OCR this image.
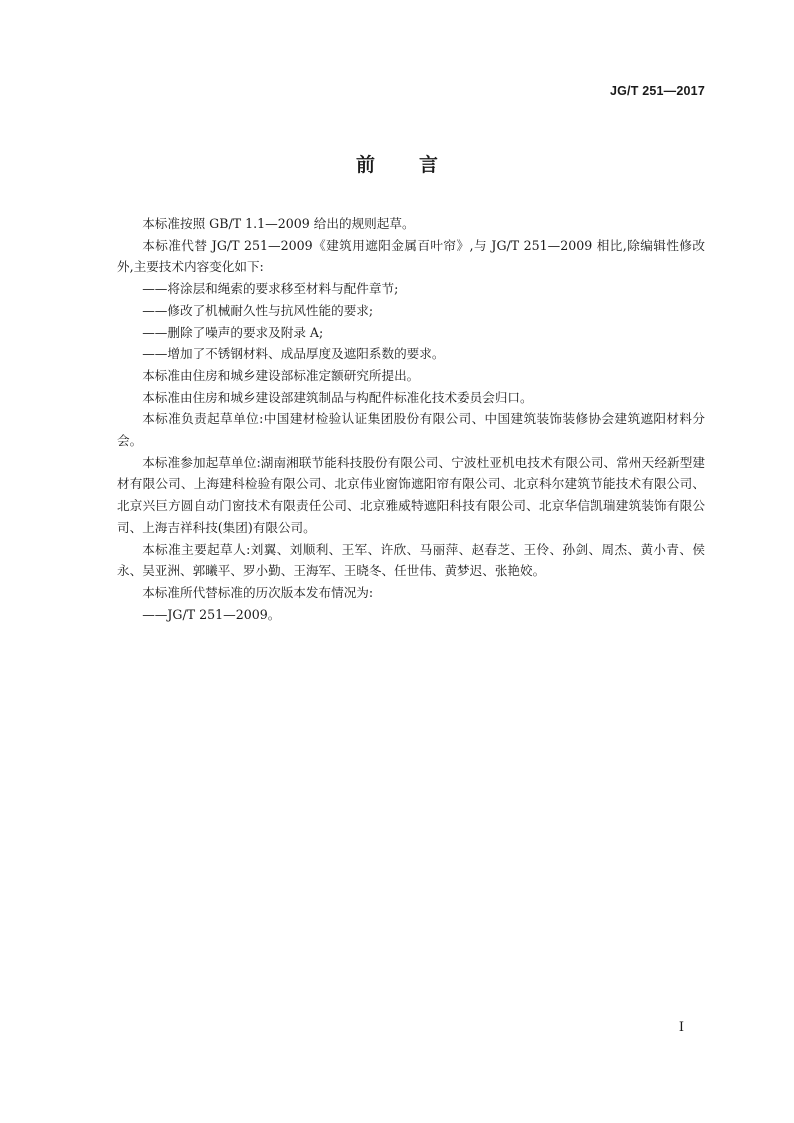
JG/T 251—2017
前言

本标准按照 GB/T 1.1—2009 给出的规则起草。

本标准代替 JG/T 251—2009《建筑用遮阳金属百叶帘》,与 JG/T 251—2009 相比,除编辑性修改外,主要技术内容变化如下:

——将涂层和绳索的要求移至材料与配件章节;

——修改了机械耐久性与抗风性能的要求;

——删除了噪声的要求及附录 A;

——增加了不锈钢材料、成品厚度及遮阳系数的要求。

本标准由住房和城乡建设部标准定额研究所提出。

本标准由住房和城乡建设部建筑制品与构配件标准化技术委员会归口。

本标准负责起草单位:中国建材检验认证集团股份有限公司、中国建筑装饰装修协会建筑遮阳材料分会。

本标准参加起草单位:湖南湘联节能科技股份有限公司、宁波杜亚机电技术有限公司、常州天经新型建材有限公司、上海建科检验有限公司、北京伟业窗饰遮阳帘有限公司、北京科尔建筑节能技术有限公司、北京兴巨方圆自动门窗技术有限责任公司、北京雅威特遮阳科技有限公司、北京华信凯瑞建筑装饰有限公司、上海吉祥科技(集团)有限公司。

本标准主要起草人:刘翼、刘顺利、王军、许欣、马丽萍、赵春芝、王伶、孙剑、周杰、黄小青、侯永、吴亚洲、郭曦平、罗小勤、王海军、王晓冬、任世伟、黄梦迟、张艳姣。

本标准所代替标准的历次版本发布情况为:

——JG/T 251—2009。

I
